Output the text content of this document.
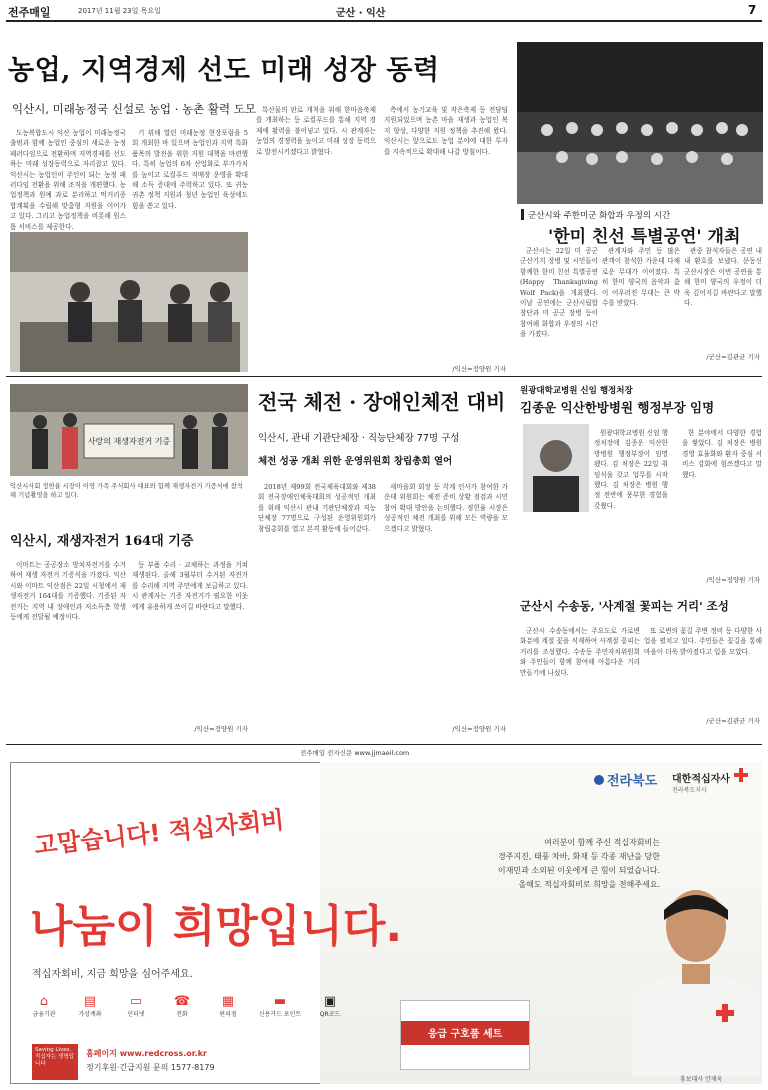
전주매일	2017년 11월 23일 목요일	군산 · 익산	7
농업, 지역경제 선도 미래 성장 동력
익산시, 미래농정국 신설로 농업 · 농촌 활력 도모

도농복합도시 익산 농업이 미래농정국 출범과 함께 농업인 중심의 새로운 농정 패러다임으로 전환하며 지역경제를 선도하는 미래 성장동력으로 자리잡고 있다. 익산시는 농업인이 주인이 되는 농정 패러다임 전환을 위해 조직을 개편했다. 농업정책과 원예 과로 분리하고 먹거리종합계획을 수립해 맞춤형 지원을 이어가고 있다. 그리고 농업정책을 비롯해 원스톱 서비스를 제공한다.

기 위해 열린 미래농정 현장포럼을 5회 개최한 바 있으며 농업인과 지역 특화 품목의 발전을 위한 지원 대책을 마련했다. 특히 농업의 6차 산업화로 부가가치를 높이고 로컬푸드 직매장 운영을 확대해 소득 증대에 주력하고 있다. 또 귀농귀촌 정책 지원과 청년 농업인 육성에도 힘을 쏟고 있다.

특산물의 판로 개척을 위해 한마음축제를 개최하는 등 로컬푸드를 통해 지역 경제에 활력을 불어넣고 있다. 시 관계자는 농업의 경쟁력을 높이고 미래 성장 동력으로 발전시키겠다고 밝혔다.

측에서 농기교육 및 작은축제 등 전담팀 지원되었으며 농촌 마을 재생과 농업인 복지 향상, 다양한 지원 정책을 추진해 왔다. 익산시는 앞으로도 농업 분야에 대한 투자를 지속적으로 확대해 나갈 방침이다.

/익산=정양원 기자
군산시와 주한미군 화합과 우정의 시간
'한미 친선 특별공연' 개최

군산시는 22일 미 공군 군산기지 장병 및 시민들이 함께한 한미 친선 특별공연(Happy Thanksgiving Wolf Pack)을 개최했다. 이날 공연에는 군산시립합창단과 미 공군 장병 등이 참여해 화합과 우정의 시간을 가졌다.

관계자와 주민 등 많은 관객이 참석한 가운데 다채로운 무대가 이어졌다. 특히 한미 양국의 음악과 춤이 어우러진 무대는 큰 박수를 받았다.

관중 참석자들은 공연 내내 환호를 보냈다. 문동신 군산시장은 이번 공연을 통해 한미 양국의 우정이 더욱 깊어지길 바란다고 말했다.

/군산=김관균 기자
사랑의 재생자전거 기증
익산시사회 정헌율 시장이 이영 가족 주식회사 대표와 함께 재생자전거 기증식에 참석해 기념촬영을 하고 있다.
익산시, 재생자전거 164대 기증

이마트는 공공장소 방치자전거를 수거하여 재생 자전거 기증식을 가졌다. 익산시와 이마트 익산점은 22일 시청에서 재생자전거 164대를 기증했다. 기증된 자전거는 지역 내 장애인과 저소득층 학생 등에게 전달될 예정이다.

등 부품 수리 · 교체하는 과정을 거쳐 재생된다. 올해 3월부터 수거된 자전거를 수리해 지역 주민에게 보급하고 있다. 시 관계자는 기증 자전거가 필요한 이웃에게 유용하게 쓰이길 바란다고 말했다.

/익산=정양원 기자
전국 체전 · 장애인체전 대비
익산시, 관내 기관단체장 · 직능단체장 77명 구성
체전 성공 개최 위한 운영위원회 창립총회 열어

2018년 제99회 전국체육대회와 제38회 전국장애인체육대회의 성공적인 개최를 위해 익산시 관내 기관단체장과 직능단체장 77명으로 구성된 운영위원회가 창립총회를 열고 본격 활동에 들어갔다.

새마을회 회장 등 각계 인사가 참여한 가운데 위원회는 체전 준비 상황 점검과 시민 참여 확대 방안을 논의했다. 정헌율 시장은 성공적인 체전 개최를 위해 모든 역량을 모으겠다고 밝혔다.

/익산=정양원 기자
원광대학교병원 신임 행정처장
김종운 익산한방병원 행정부장 임명

원광대학교병원 신임 행정처장에 김종운 익산한방병원 행정부장이 임명됐다. 김 처장은 22일 취임식을 갖고 업무를 시작했다. 김 처장은 병원 행정 전반에 풍부한 경험을 갖췄다.

한 분야에서 다양한 경험을 쌓았다. 김 처장은 병원 경영 효율화와 환자 중심 서비스 강화에 힘쓰겠다고 말했다.

/익산=정양원 기자
군산시 수송동, '사계절 꽃피는 거리' 조성

군산시 수송동에서는 주요도로 가로변 화분에 계절 꽃을 식재하여 사계절 꽃피는 거리를 조성했다. 수송동 주민자치위원회와 주민들이 함께 참여해 아름다운 거리 만들기에 나섰다.

또 로변의 꽃길 주변 정비 등 다양한 사업을 펼치고 있다. 주민들은 꽃길을 통해 마을이 더욱 밝아졌다고 입을 모았다.

/군산=김관균 기자
전주매일 전자신문 www.jjmaeil.com
고맙습니다! 적십자회비
나눔이 희망입니다.
여러분이 함께 주신 적십자회비는
경주지진, 태풍 차바, 화재 등 각종 재난을 당한
이재민과 소외된 이웃에게 큰 힘이 되었습니다.
올해도 적십자회비로 희망을 전해주세요.
전라북도 대한적십자사
전라북도지사
응급 구호품 세트
홍보대사 안재욱
적십자회비, 지금 희망을 심어주세요.
⌂
금융기관
▤
가상계좌
▭
인터넷
☎
전화
▦
편의점
▬
신용카드 포인트
▣
QR코드
Saving Lives, 적십자는 생명입니다
홈페이지 www.redcross.or.kr
정기후원·긴급지원 문의 1577-8179
